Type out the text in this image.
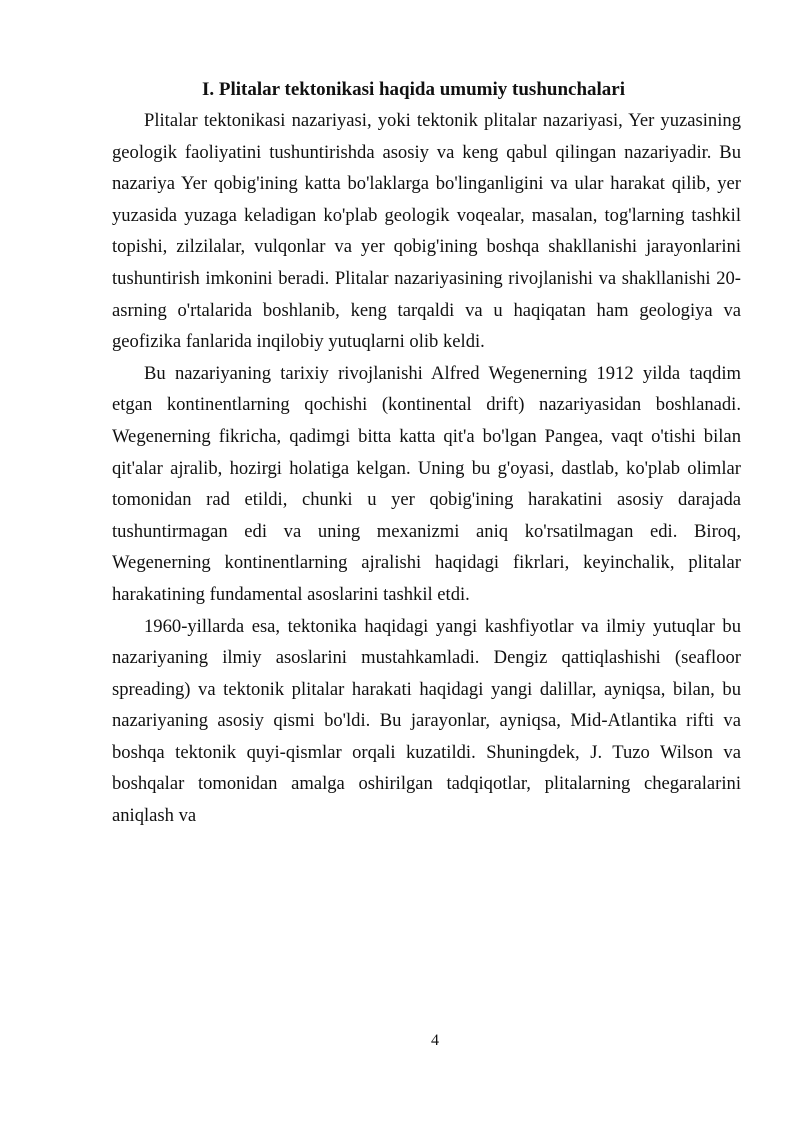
I. Plitalar tektonikasi haqida umumiy tushunchalari

Plitalar tektonikasi nazariyasi, yoki tektonik plitalar nazariyasi, Yer yuzasining geologik faoliyatini tushuntirishda asosiy va keng qabul qilingan nazariyadir. Bu nazariya Yer qobig'ining katta bo'laklarga bo'linganligini va ular harakat qilib, yer yuzasida yuzaga keladigan ko'plab geologik voqealar, masalan, tog'larning tashkil topishi, zilzilalar, vulqonlar va yer qobig'ining boshqa shakllanishi jarayonlarini tushuntirish imkonini beradi. Plitalar nazariyasining rivojlanishi va shakllanishi 20-asrning o'rtalarida boshlanib, keng tarqaldi va u haqiqatan ham geologiya va geofizika fanlarida inqilobiy yutuqlarni olib keldi.

Bu nazariyaning tarixiy rivojlanishi Alfred Wegenerning 1912 yilda taqdim etgan kontinentlarning qochishi (kontinental drift) nazariyasidan boshlanadi. Wegenerning fikricha, qadimgi bitta katta qit'a bo'lgan Pangea, vaqt o'tishi bilan qit'alar ajralib, hozirgi holatiga kelgan. Uning bu g'oyasi, dastlab, ko'plab olimlar tomonidan rad etildi, chunki u yer qobig'ining harakatini asosiy darajada tushuntirmagan edi va uning mexanizmi aniq ko'rsatilmagan edi. Biroq, Wegenerning kontinentlarning ajralishi haqidagi fikrlari, keyinchalik, plitalar harakatining fundamental asoslarini tashkil etdi.

1960-yillarda esa, tektonika haqidagi yangi kashfiyotlar va ilmiy yutuqlar bu nazariyaning ilmiy asoslarini mustahkamladi. Dengiz qattiqlashishi (seafloor spreading) va tektonik plitalar harakati haqidagi yangi dalillar, ayniqsa, bilan, bu nazariyaning asosiy qismi bo'ldi. Bu jarayonlar, ayniqsa, Mid-Atlantika rifti va boshqa tektonik quyi-qismlar orqali kuzatildi. Shuningdek, J. Tuzo Wilson va boshqalar tomonidan amalga oshirilgan tadqiqotlar, plitalarning chegaralarini aniqlash va

4
